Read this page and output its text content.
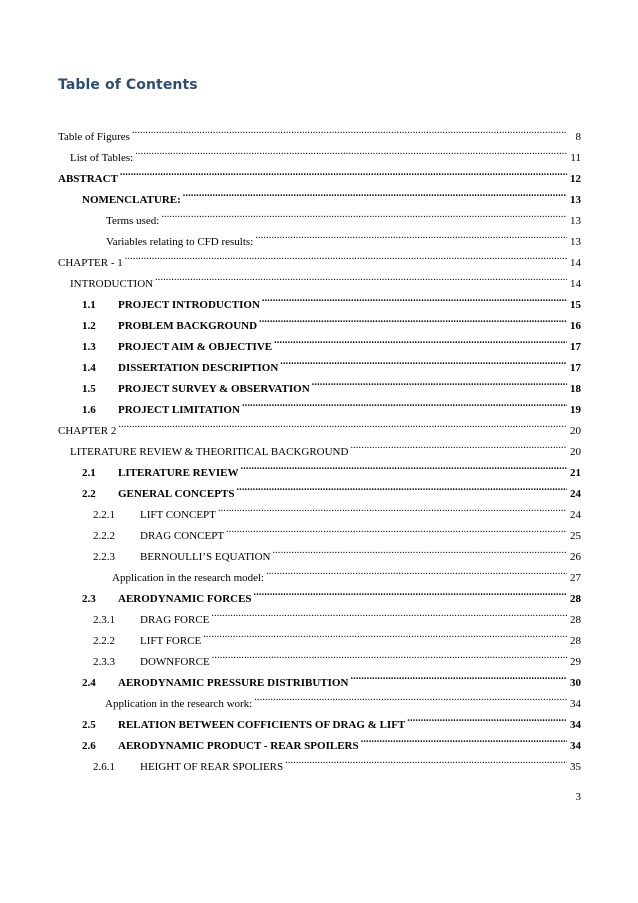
Table of Contents
Table of Figures .....	8
List of Tables: .....	11
ABSTRACT .....	12
NOMENCLATURE: .....	13
Terms used: .....	13
Variables relating to CFD results: .....	13
CHAPTER - 1 .....	14
INTRODUCTION .....	14
1.1	PROJECT INTRODUCTION .....	15
1.2	PROBLEM BACKGROUND .....	16
1.3	PROJECT AIM & OBJECTIVE .....	17
1.4	DISSERTATION DESCRIPTION .....	17
1.5	PROJECT SURVEY & OBSERVATION .....	18
1.6	PROJECT LIMITATION .....	19
CHAPTER 2 .....	20
LITERATURE REVIEW & THEORITICAL BACKGROUND .....	20
2.1	LITERATURE REVIEW .....	21
2.2	GENERAL CONCEPTS .....	24
2.2.1	LIFT CONCEPT .....	24
2.2.2	DRAG CONCEPT .....	25
2.2.3	BERNOULLI’S EQUATION .....	26
Application in the research model: .....	27
2.3	AERODYNAMIC FORCES .....	28
2.3.1	DRAG FORCE .....	28
2.2.2	LIFT FORCE .....	28
2.3.3	DOWNFORCE .....	29
2.4	AERODYNAMIC PRESSURE DISTRIBUTION .....	30
Application in the research work: .....	34
2.5	RELATION BETWEEN COFFICIENTS OF DRAG & LIFT .....	34
2.6	AERODYNAMIC PRODUCT - REAR SPOILERS .....	34
2.6.1	HEIGHT OF REAR SPOLIERS .....	35

3
